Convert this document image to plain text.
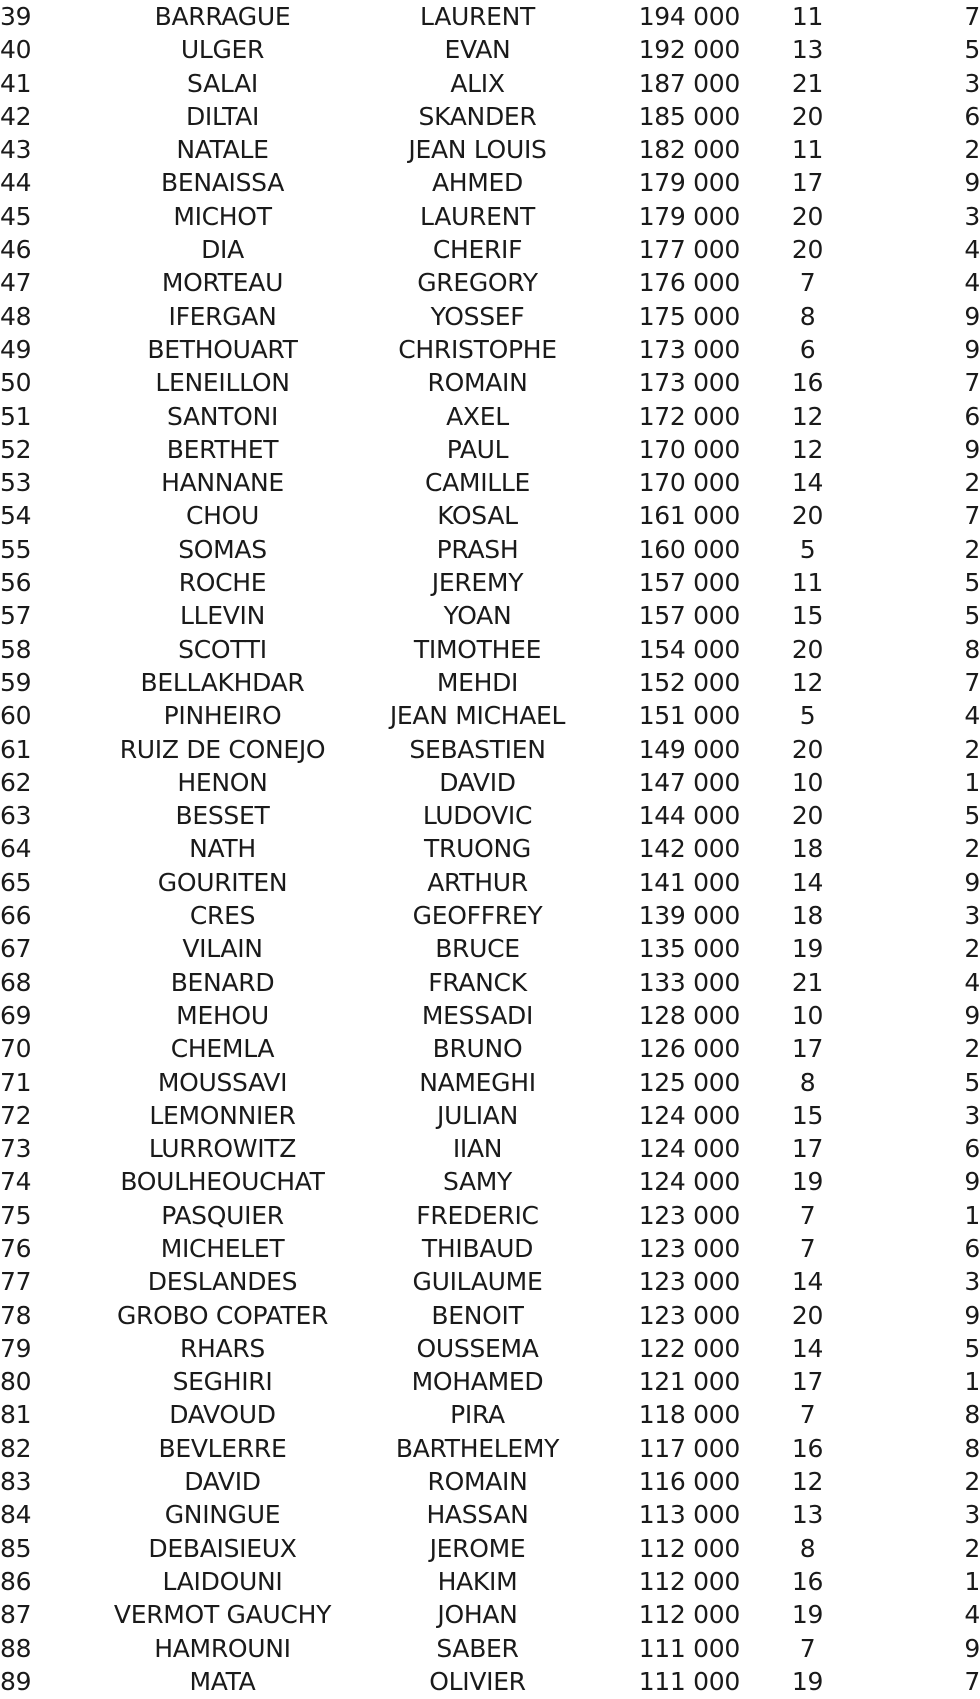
39	BARRAGUE	LAURENT	194 000	11	7
40	ULGER	EVAN	192 000	13	5
41	SALAI	ALIX	187 000	21	3
42	DILTAI	SKANDER	185 000	20	6
43	NATALE	JEAN LOUIS	182 000	11	2
44	BENAISSA	AHMED	179 000	17	9
45	MICHOT	LAURENT	179 000	20	3
46	DIA	CHERIF	177 000	20	4
47	MORTEAU	GREGORY	176 000	7	4
48	IFERGAN	YOSSEF	175 000	8	9
49	BETHOUART	CHRISTOPHE	173 000	6	9
50	LENEILLON	ROMAIN	173 000	16	7
51	SANTONI	AXEL	172 000	12	6
52	BERTHET	PAUL	170 000	12	9
53	HANNANE	CAMILLE	170 000	14	2
54	CHOU	KOSAL	161 000	20	7
55	SOMAS	PRASH	160 000	5	2
56	ROCHE	JEREMY	157 000	11	5
57	LLEVIN	YOAN	157 000	15	5
58	SCOTTI	TIMOTHEE	154 000	20	8
59	BELLAKHDAR	MEHDI	152 000	12	7
60	PINHEIRO	JEAN MICHAEL	151 000	5	4
61	RUIZ DE CONEJO	SEBASTIEN	149 000	20	2
62	HENON	DAVID	147 000	10	1
63	BESSET	LUDOVIC	144 000	20	5
64	NATH	TRUONG	142 000	18	2
65	GOURITEN	ARTHUR	141 000	14	9
66	CRES	GEOFFREY	139 000	18	3
67	VILAIN	BRUCE	135 000	19	2
68	BENARD	FRANCK	133 000	21	4
69	MEHOU	MESSADI	128 000	10	9
70	CHEMLA	BRUNO	126 000	17	2
71	MOUSSAVI	NAMEGHI	125 000	8	5
72	LEMONNIER	JULIAN	124 000	15	3
73	LURROWITZ	IIAN	124 000	17	6
74	BOULHEOUCHAT	SAMY	124 000	19	9
75	PASQUIER	FREDERIC	123 000	7	1
76	MICHELET	THIBAUD	123 000	7	6
77	DESLANDES	GUILAUME	123 000	14	3
78	GROBO COPATER	BENOIT	123 000	20	9
79	RHARS	OUSSEMA	122 000	14	5
80	SEGHIRI	MOHAMED	121 000	17	1
81	DAVOUD	PIRA	118 000	7	8
82	BEVLERRE	BARTHELEMY	117 000	16	8
83	DAVID	ROMAIN	116 000	12	2
84	GNINGUE	HASSAN	113 000	13	3
85	DEBAISIEUX	JEROME	112 000	8	2
86	LAIDOUNI	HAKIM	112 000	16	1
87	VERMOT GAUCHY	JOHAN	112 000	19	4
88	HAMROUNI	SABER	111 000	7	9
89	MATA	OLIVIER	111 000	19	7
